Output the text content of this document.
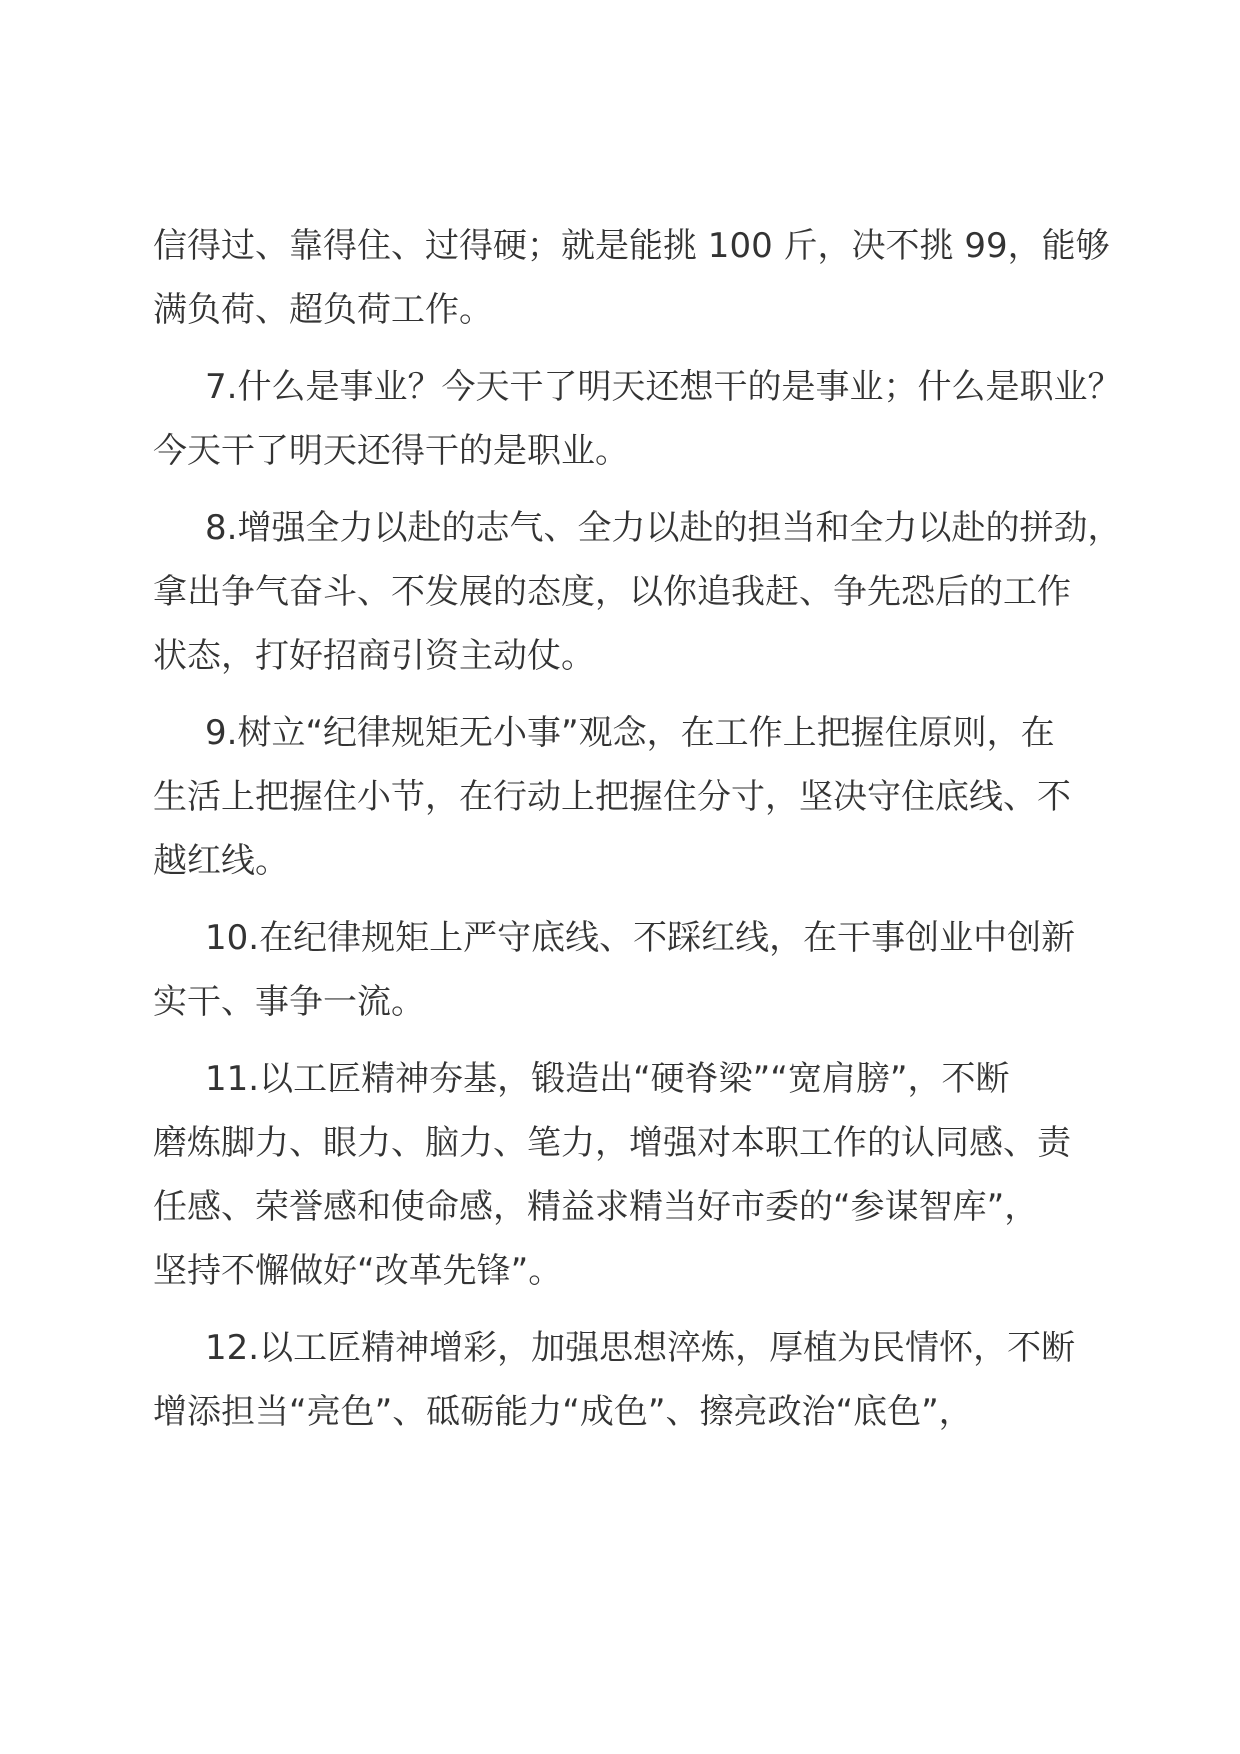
信得过、靠得住、过得硬；就是能挑 100 斤，决不挑 99，能够
满负荷、超负荷工作。
7.什么是事业？今天干了明天还想干的是事业；什么是职业？
今天干了明天还得干的是职业。
8.增强全力以赴的志气、全力以赴的担当和全力以赴的拼劲，
拿出争气奋斗、不发展的态度，以你追我赶、争先恐后的工作
状态，打好招商引资主动仗。
9.树立“纪律规矩无小事”观念，在工作上把握住原则，在
生活上把握住小节，在行动上把握住分寸，坚决守住底线、不
越红线。
10.在纪律规矩上严守底线、不踩红线，在干事创业中创新
实干、事争一流。
11.以工匠精神夯基，锻造出“硬脊梁”“宽肩膀”，不断
磨炼脚力、眼力、脑力、笔力，增强对本职工作的认同感、责
任感、荣誉感和使命感，精益求精当好市委的“参谋智库”，
坚持不懈做好“改革先锋”。
12.以工匠精神增彩，加强思想淬炼，厚植为民情怀，不断
增添担当“亮色”、砥砺能力“成色”、擦亮政治“底色”，
